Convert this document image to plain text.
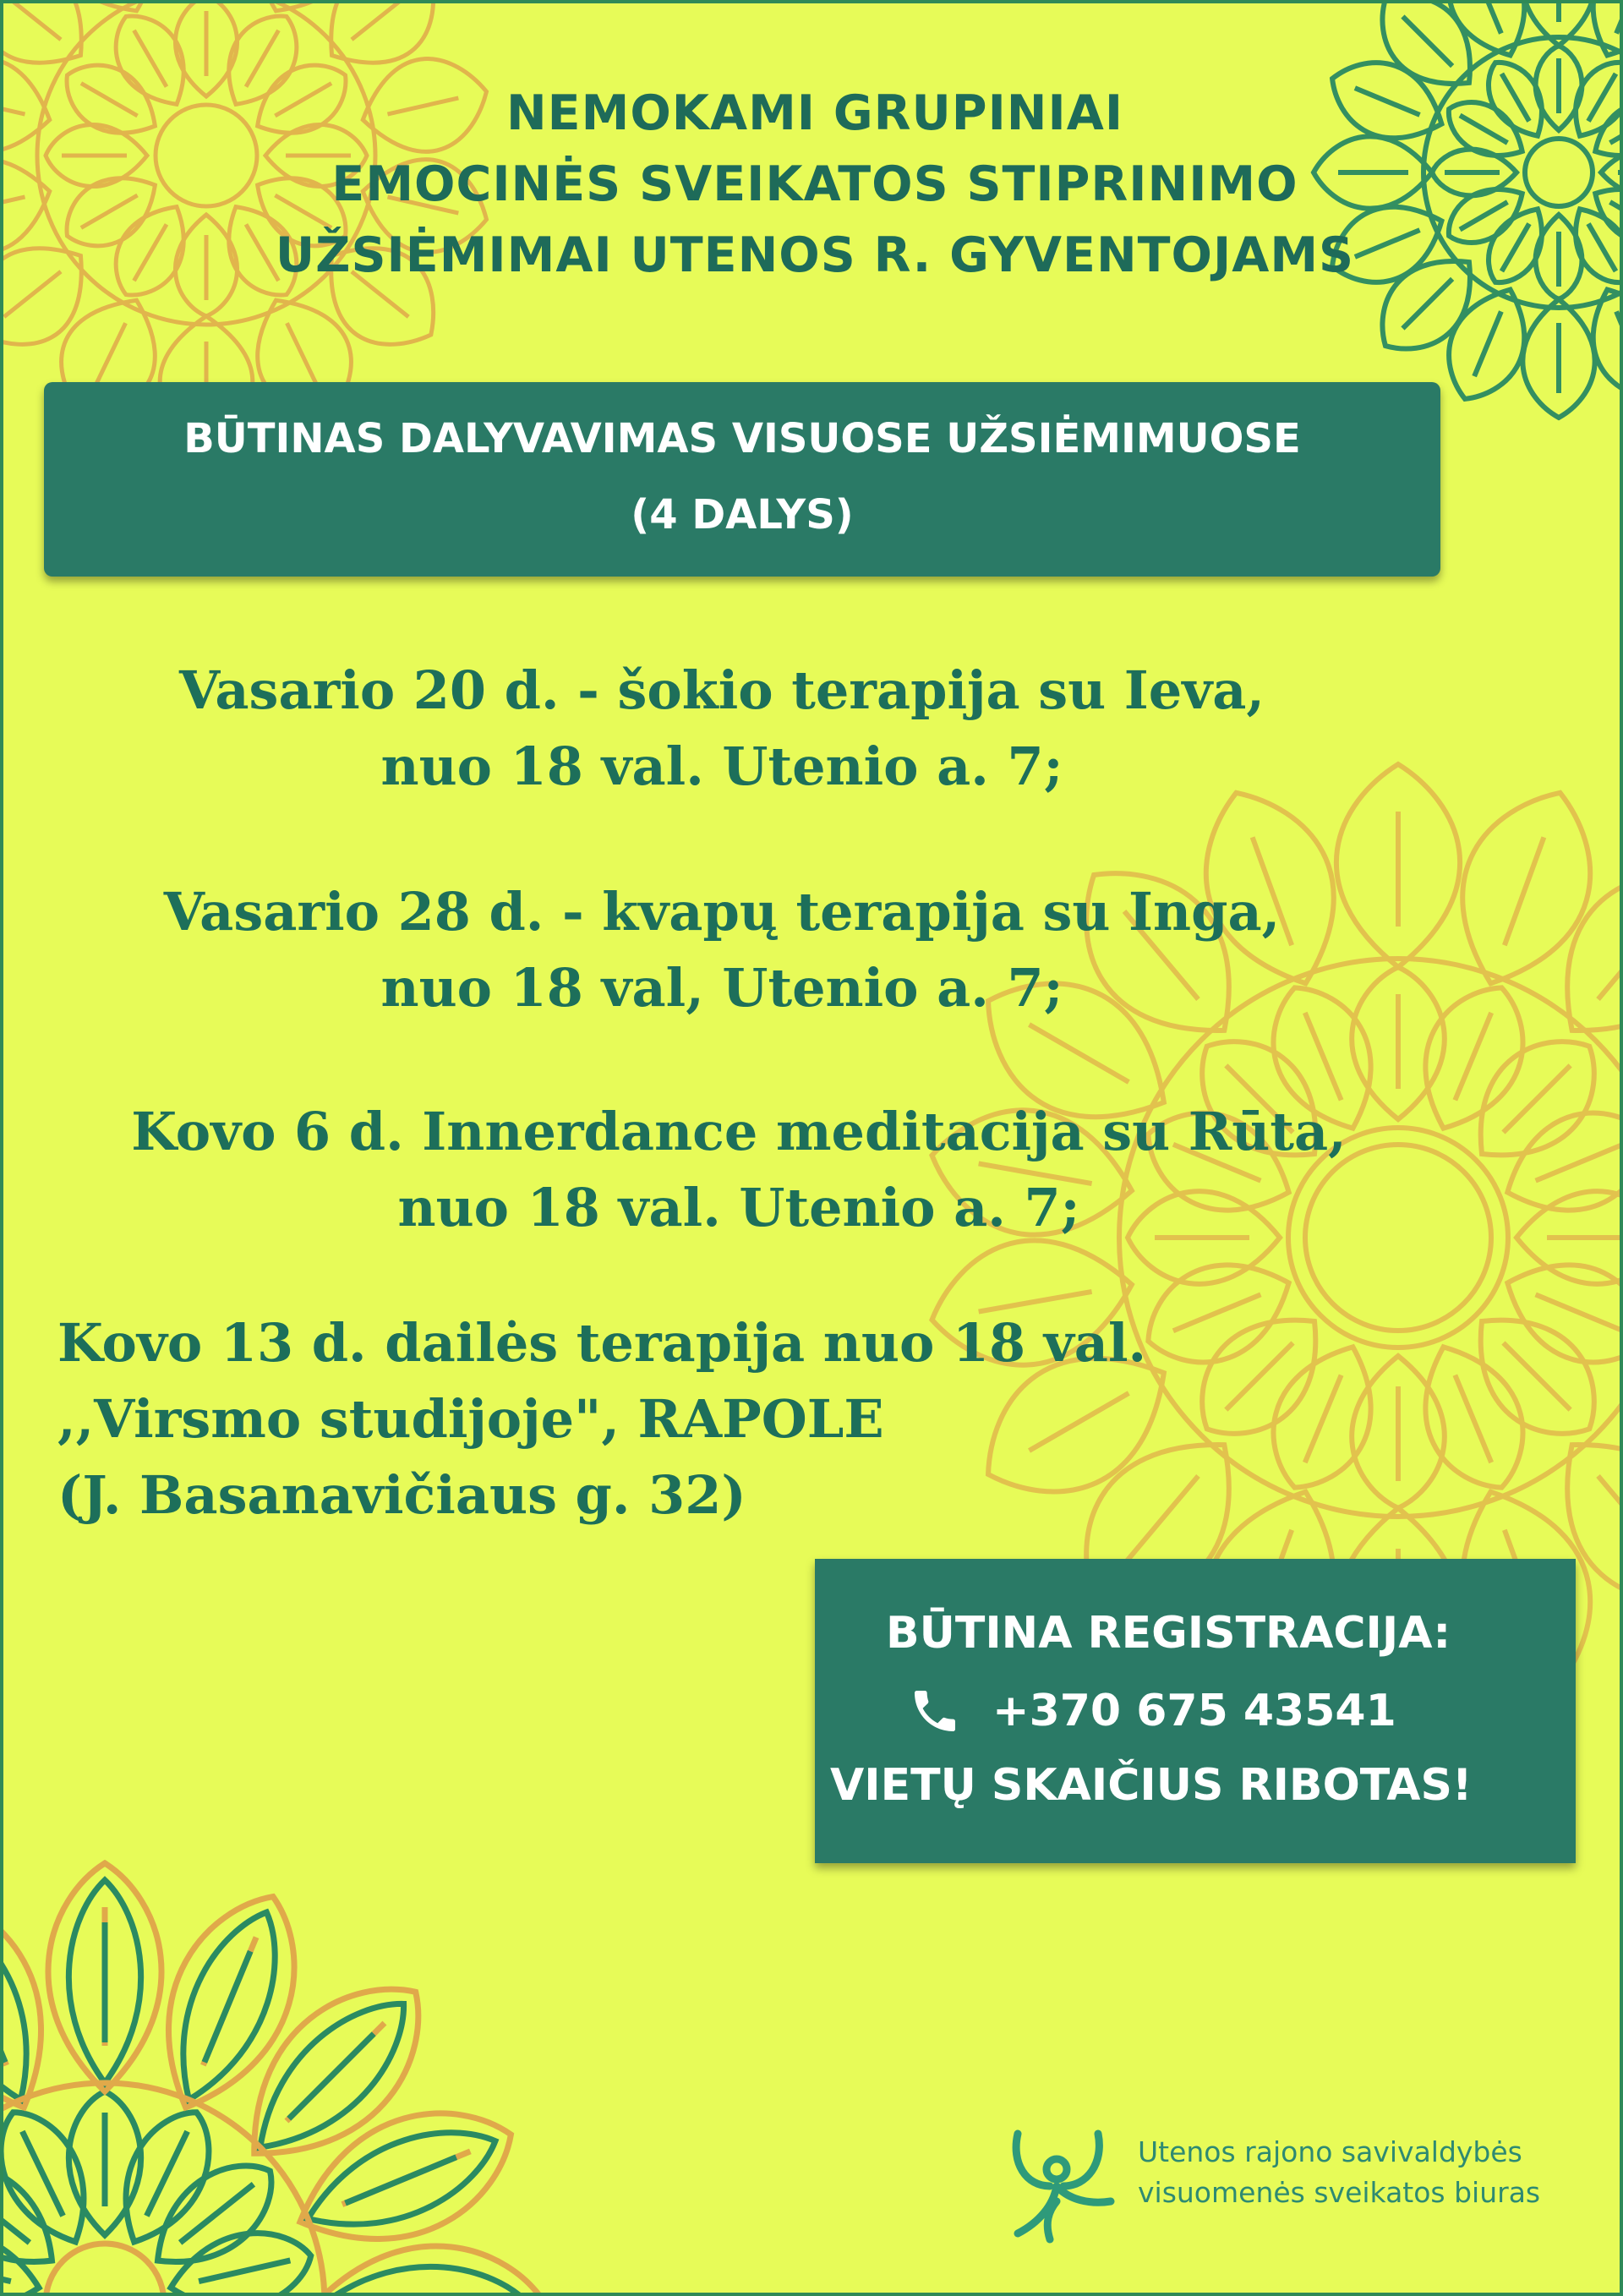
NEMOKAMI GRUPINIAI
EMOCINĖS SVEIKATOS STIPRINIMO
UŽSIĖMIMAI UTENOS R. GYVENTOJAMS
BŪTINAS DALYVAVIMAS VISUOSE UŽSIĖMIMUOSE
(4 DALYS)

Vasario 20 d. - šokio terapija su Ieva,
nuo 18 val. Utenio a. 7;

Vasario 28 d. - kvapų terapija su Inga,
nuo 18 val, Utenio a. 7;

Kovo 6 d. Innerdance meditacija su Rūta,
nuo 18 val. Utenio a. 7;

Kovo 13 d. dailės terapija nuo 18 val.
,,Virsmo studijoje", RAPOLE
(J. Basanavičiaus g. 32)

BŪTINA REGISTRACIJA:
+370 675 43541
VIETŲ SKAIČIUS RIBOTAS!
Utenos rajono savivaldybės
visuomenės sveikatos biuras
